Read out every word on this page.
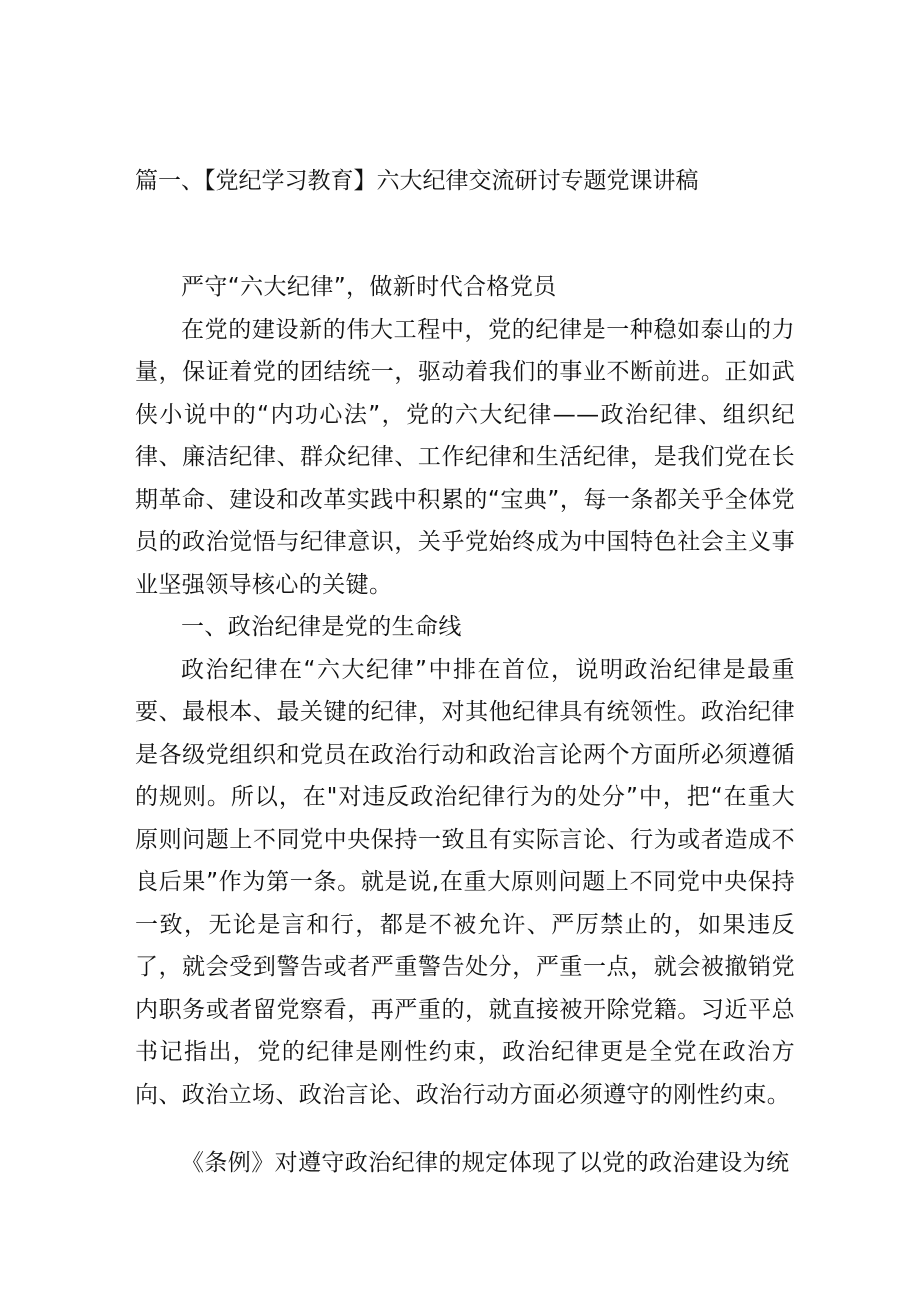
篇一、【党纪学习教育】六大纪律交流研讨专题党课讲稿

严守“六大纪律”，做新时代合格党员

在党的建设新的伟大工程中，党的纪律是一种稳如泰山的力量，保证着党的团结统一，驱动着我们的事业不断前进。正如武侠小说中的“内功心法”，党的六大纪律——政治纪律、组织纪律、廉洁纪律、群众纪律、工作纪律和生活纪律，是我们党在长期革命、建设和改革实践中积累的“宝典”，每一条都关乎全体党员的政治觉悟与纪律意识，关乎党始终成为中国特色社会主义事业坚强领导核心的关键。

一、政治纪律是党的生命线

政治纪律在“六大纪律”中排在首位，说明政治纪律是最重要、最根本、最关键的纪律，对其他纪律具有统领性。政治纪律是各级党组织和党员在政治行动和政治言论两个方面所必须遵循的规则。所以，在"对违反政治纪律行为的处分”中，把“在重大原则问题上不同党中央保持一致且有实际言论、行为或者造成不良后果”作为第一条。就是说,在重大原则问题上不同党中央保持一致，无论是言和行，都是不被允许、严厉禁止的，如果违反了，就会受到警告或者严重警告处分，严重一点，就会被撤销党内职务或者留党察看，再严重的，就直接被开除党籍。习近平总书记指出，党的纪律是刚性约束，政治纪律更是全党在政治方向、政治立场、政治言论、政治行动方面必须遵守的刚性约束。

《条例》对遵守政治纪律的规定体现了以党的政治建设为统
